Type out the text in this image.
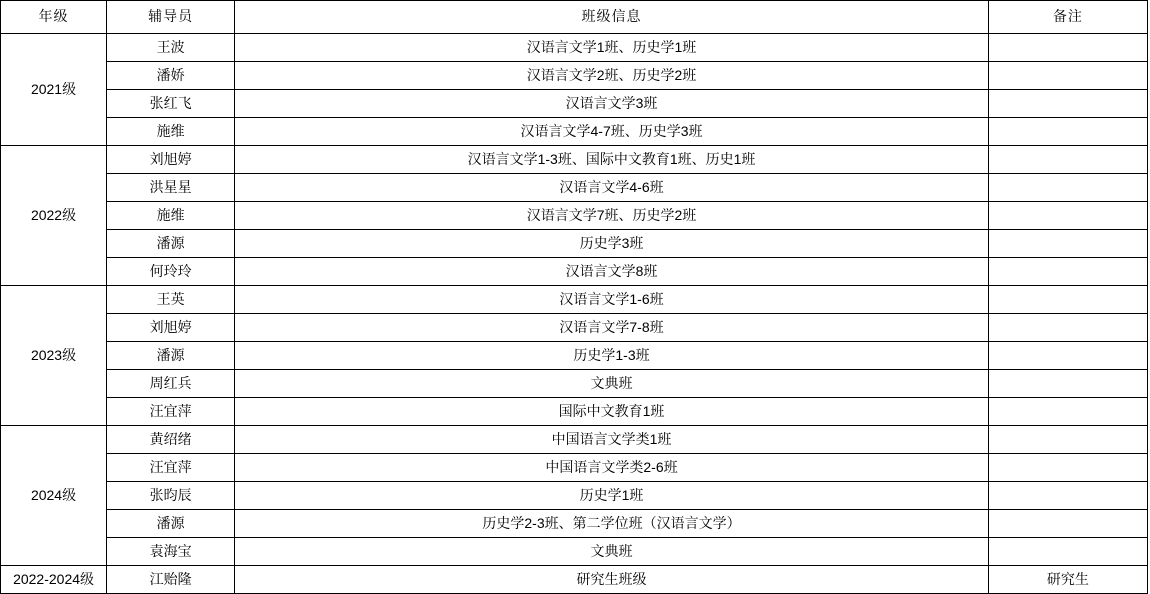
年级	辅导员	班级信息	备注
2021级	王波	汉语言文学1班、历史学1班	
	潘娇	汉语言文学2班、历史学2班	
	张红飞	汉语言文学3班	
	施维	汉语言文学4-7班、历史学3班	
2022级	刘旭婷	汉语言文学1-3班、国际中文教育1班、历史1班	
	洪星星	汉语言文学4-6班	
	施维	汉语言文学7班、历史学2班	
	潘源	历史学3班	
	何玲玲	汉语言文学8班	
2023级	王英	汉语言文学1-6班	
	刘旭婷	汉语言文学7-8班	
	潘源	历史学1-3班	
	周红兵	文典班	
	汪宜萍	国际中文教育1班	
2024级	黄绍绪	中国语言文学类1班	
	汪宜萍	中国语言文学类2-6班	
	张昀辰	历史学1班	
	潘源	历史学2-3班、第二学位班（汉语言文学）	
	袁海宝	文典班	
2022-2024级	江贻隆	研究生班级	研究生
